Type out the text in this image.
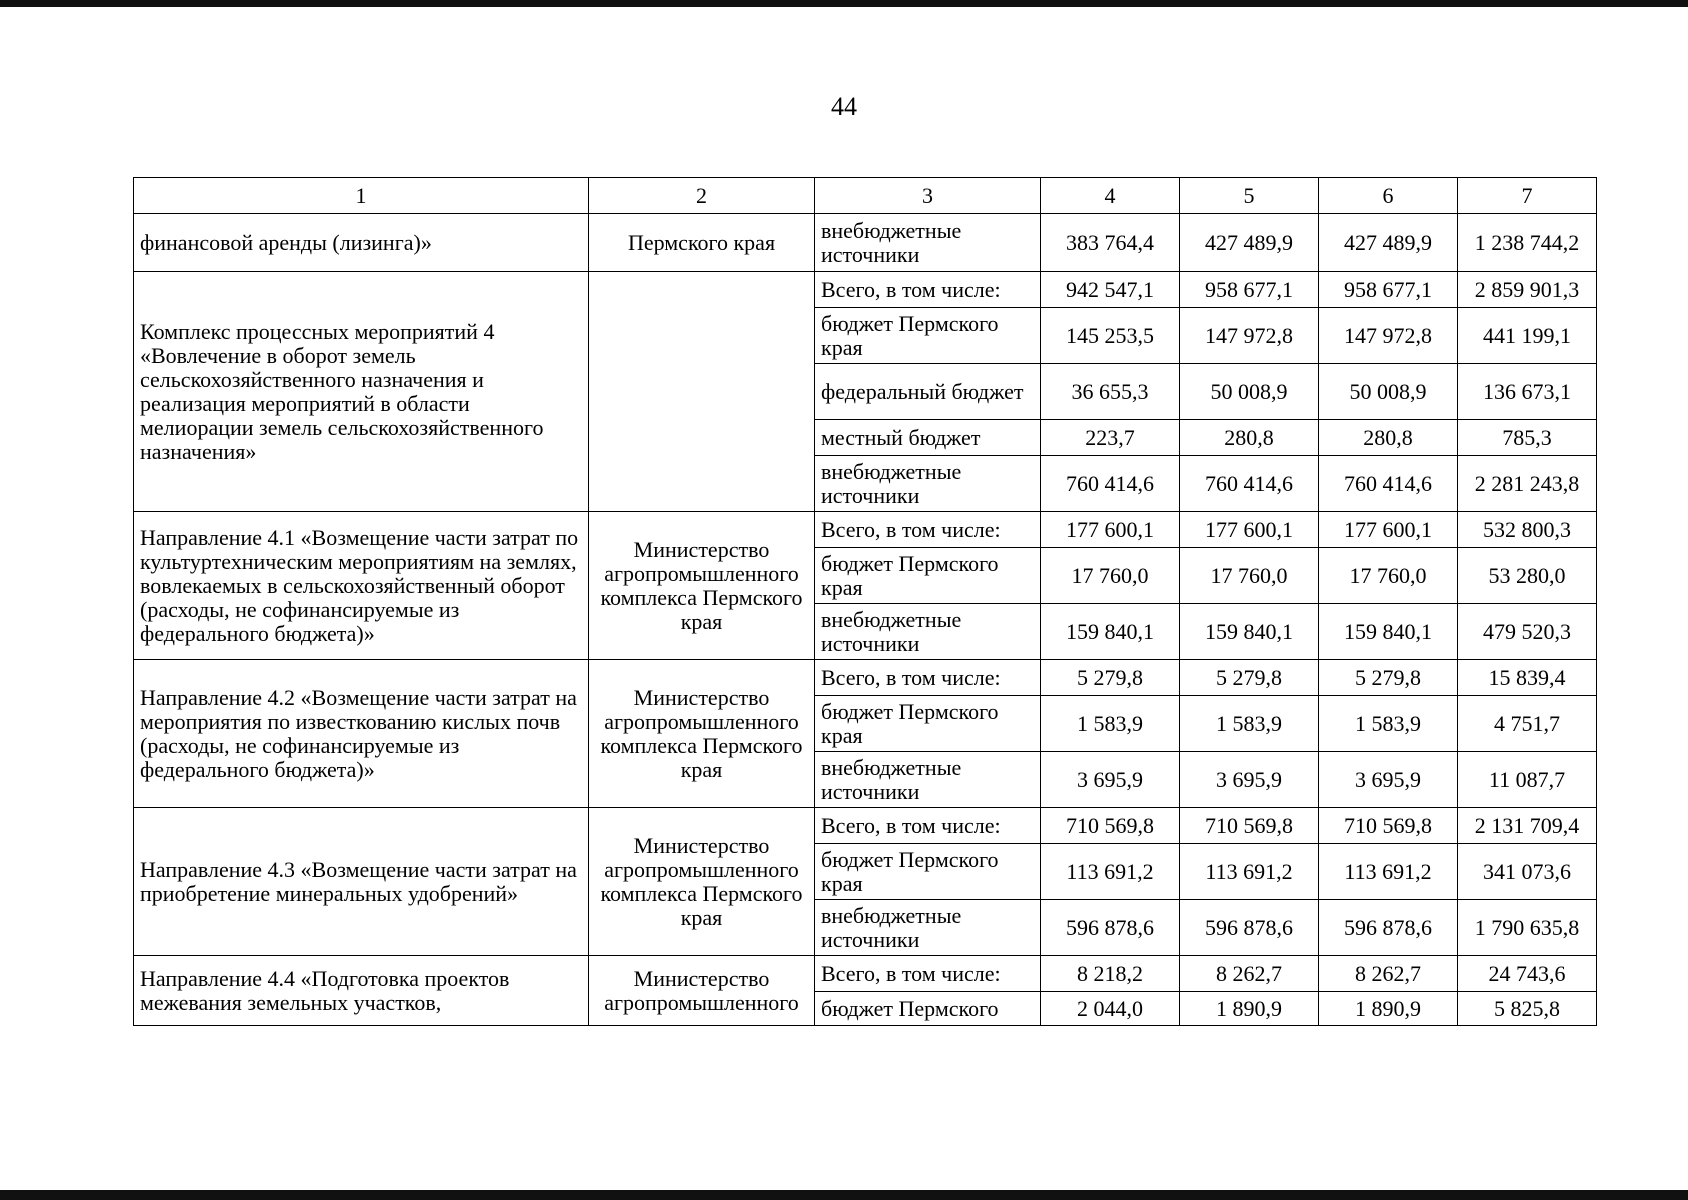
44
1	2	3	4	5	6	7
финансовой аренды (лизинга)»	Пермского края	внебюджетные источники	383 764,4	427 489,9	427 489,9	1 238 744,2
Комплекс процессных мероприятий 4 «Вовлечение в оборот земель сельскохозяйственного назначения и реализация мероприятий в области мелиорации земель сельскохозяйственного назначения»		Всего, в том числе:	942 547,1	958 677,1	958 677,1	2 859 901,3
		бюджет Пермского края	145 253,5	147 972,8	147 972,8	441 199,1
		федеральный бюджет	36 655,3	50 008,9	50 008,9	136 673,1
		местный бюджет	223,7	280,8	280,8	785,3
		внебюджетные источники	760 414,6	760 414,6	760 414,6	2 281 243,8
Направление 4.1 «Возмещение части затрат по культуртехническим мероприятиям на землях, вовлекаемых в сельскохозяйственный оборот (расходы, не софинансируемые из федерального бюджета)»	Министерство агропромышленного комплекса Пермского края	Всего, в том числе:	177 600,1	177 600,1	177 600,1	532 800,3
		бюджет Пермского края	17 760,0	17 760,0	17 760,0	53 280,0
		внебюджетные источники	159 840,1	159 840,1	159 840,1	479 520,3
Направление 4.2 «Возмещение части затрат на мероприятия по известкованию кислых почв (расходы, не софинансируемые из федерального бюджета)»	Министерство агропромышленного комплекса Пермского края	Всего, в том числе:	5 279,8	5 279,8	5 279,8	15 839,4
		бюджет Пермского края	1 583,9	1 583,9	1 583,9	4 751,7
		внебюджетные источники	3 695,9	3 695,9	3 695,9	11 087,7
Направление 4.3 «Возмещение части затрат на приобретение минеральных удобрений»	Министерство агропромышленного комплекса Пермского края	Всего, в том числе:	710 569,8	710 569,8	710 569,8	2 131 709,4
		бюджет Пермского края	113 691,2	113 691,2	113 691,2	341 073,6
		внебюджетные источники	596 878,6	596 878,6	596 878,6	1 790 635,8
Направление 4.4 «Подготовка проектов межевания земельных участков,	Министерство агропромышленного	Всего, в том числе:	8 218,2	8 262,7	8 262,7	24 743,6
		бюджет Пермского	2 044,0	1 890,9	1 890,9	5 825,8
